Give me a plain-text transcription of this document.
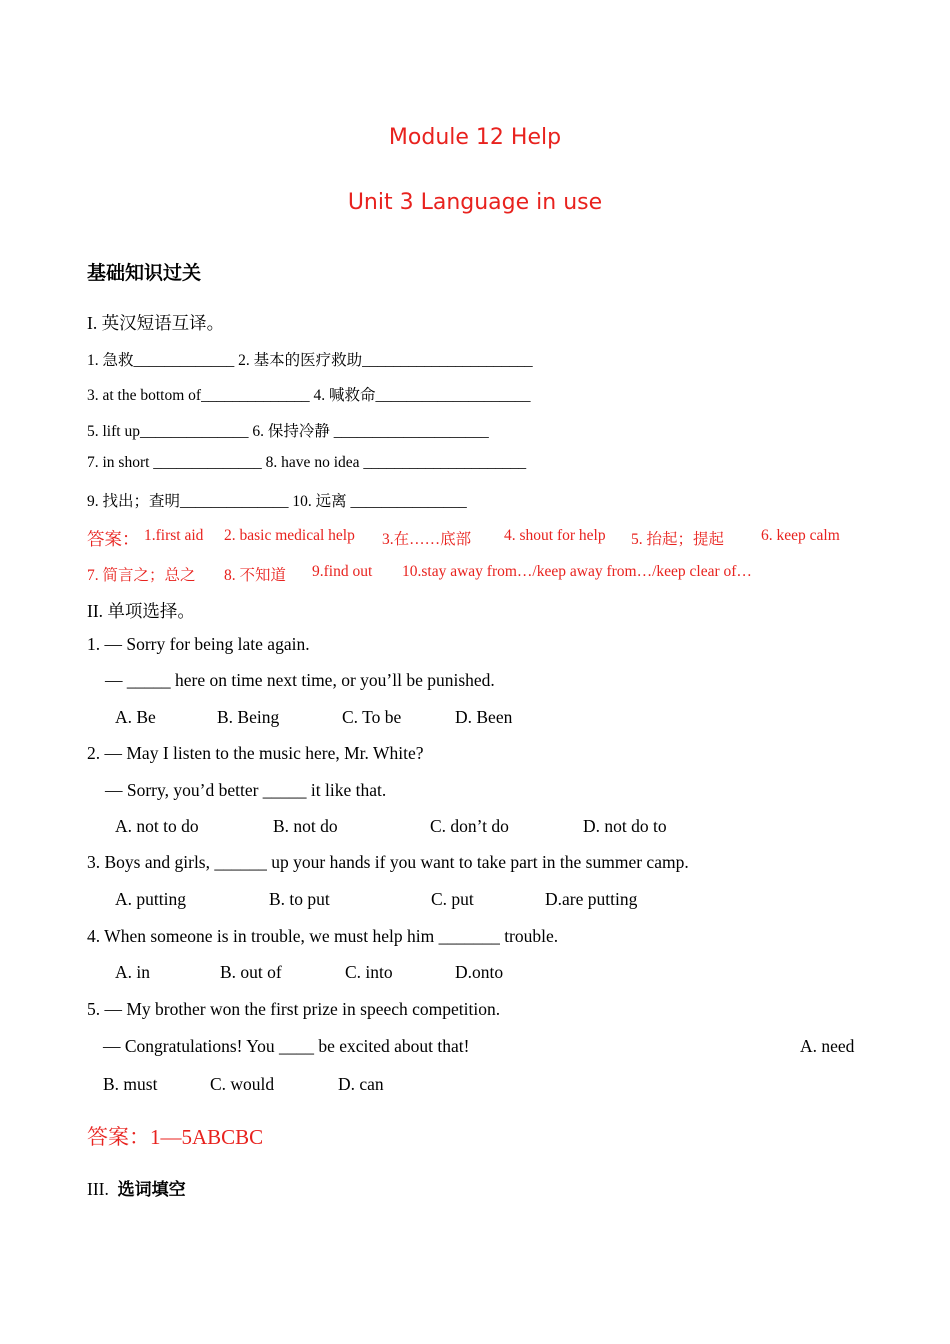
Module 12 Help
Unit 3 Language in use
基础知识过关
I. 英汉短语互译。
1. 急救_____________ 2. 基本的医疗救助______________________
3. at the bottom of______________ 4. 喊救命____________________
5. lift up______________ 6. 保持冷静 ____________________
7. in short ______________ 8. have no idea _____________________
9. 找出；查明______________ 10. 远离 _______________
答案： 1.first aid 2. basic medical help 3.在……底部 4. shout for help 5. 抬起；提起 6. keep calm
7. 简言之；总之 8. 不知道 9.find out 10.stay away from…/keep away from…/keep clear of…
II. 单项选择。
1. — Sorry for being late again.
— _____ here on time next time, or you’ll be punished.
A. Be	B. Being	C. To be	D. Been
2. — May I listen to the music here, Mr. White?
— Sorry, you’d better _____ it like that.
A. not to do	B. not do	C. don’t do	D. not do to
3. Boys and girls, ______ up your hands if you want to take part in the summer camp.
A. putting	B. to put	C. put	D.are putting
4. When someone is in trouble, we must help him _______ trouble.
A. in	B. out of	C. into	D.onto
5. — My brother won the first prize in speech competition.
— Congratulations! You ____ be excited about that!	A. need
B. must	C. would	D. can
答案：1—5ABCBC
III. 选词填空
